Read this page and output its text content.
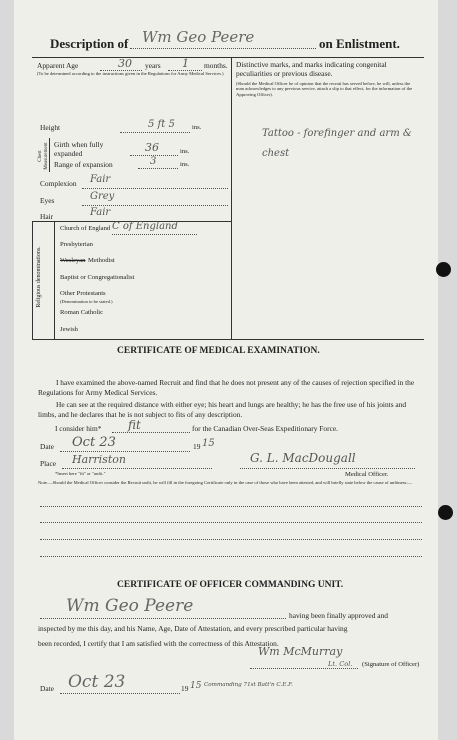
Description of Wm Geo Peere	on Enlistment.
Apparent Age	30 years 1 months.
(To be determined according to the instructions given in the Regulations for Army Medical Services.)
Height	5 ft 5	ins.
Chest Measurement Girth when fully expanded	36	ins.
Range of expansion	3	ins.
Complexion Fair
Eyes	Grey
Hair	Fair
Religious denominations.
Church of England C of England
Presbyterian
Wesleyan Methodist
Baptist or Congregationalist
Other Protestants
(Denomination to be stated.)
Roman Catholic
Jewish
Distinctive marks, and marks indicating congenital peculiarities or previous disease.
(Should the Medical Officer be of opinion that the recruit has served before, he will, unless the man acknowledges to any previous service, attach a slip to that effect, for the information of the Approving Officer).
Tattoo - forefinger and arm & chest
CERTIFICATE OF MEDICAL EXAMINATION.
I have examined the above-named Recruit and find that he does not present any of the causes of rejection specified in the Regulations for Army Medical Services.
He can see at the required distance with either eye; his heart and lungs are healthy; he has the free use of his joints and limbs, and he declares that he is not subject to fits of any description.
I consider him* fit	for the Canadian Over-Seas Expeditionary Force.
Date Oct 23	19 15
Place Harriston	G. L. MacDougall
Medical Officer.
*Insert here "fit" or "unfit."
Note.—Should the Medical Officer consider the Recruit unfit, he will fill in the foregoing Certificate only in the case of those who have been attested, and will briefly state below the cause of unfitness:—
CERTIFICATE OF OFFICER COMMANDING UNIT.
Wm Geo Peere	having been finally approved and
inspected by me this day, and his Name, Age, Date of Attestation, and every prescribed particular having
been recorded, I certify that I am satisfied with the correctness of this Attestation.
Wm McMurray
Lt. Col. (Signature of Officer)
Date Oct 23	19 15 Commanding 71st Batt'n C.E.F.
